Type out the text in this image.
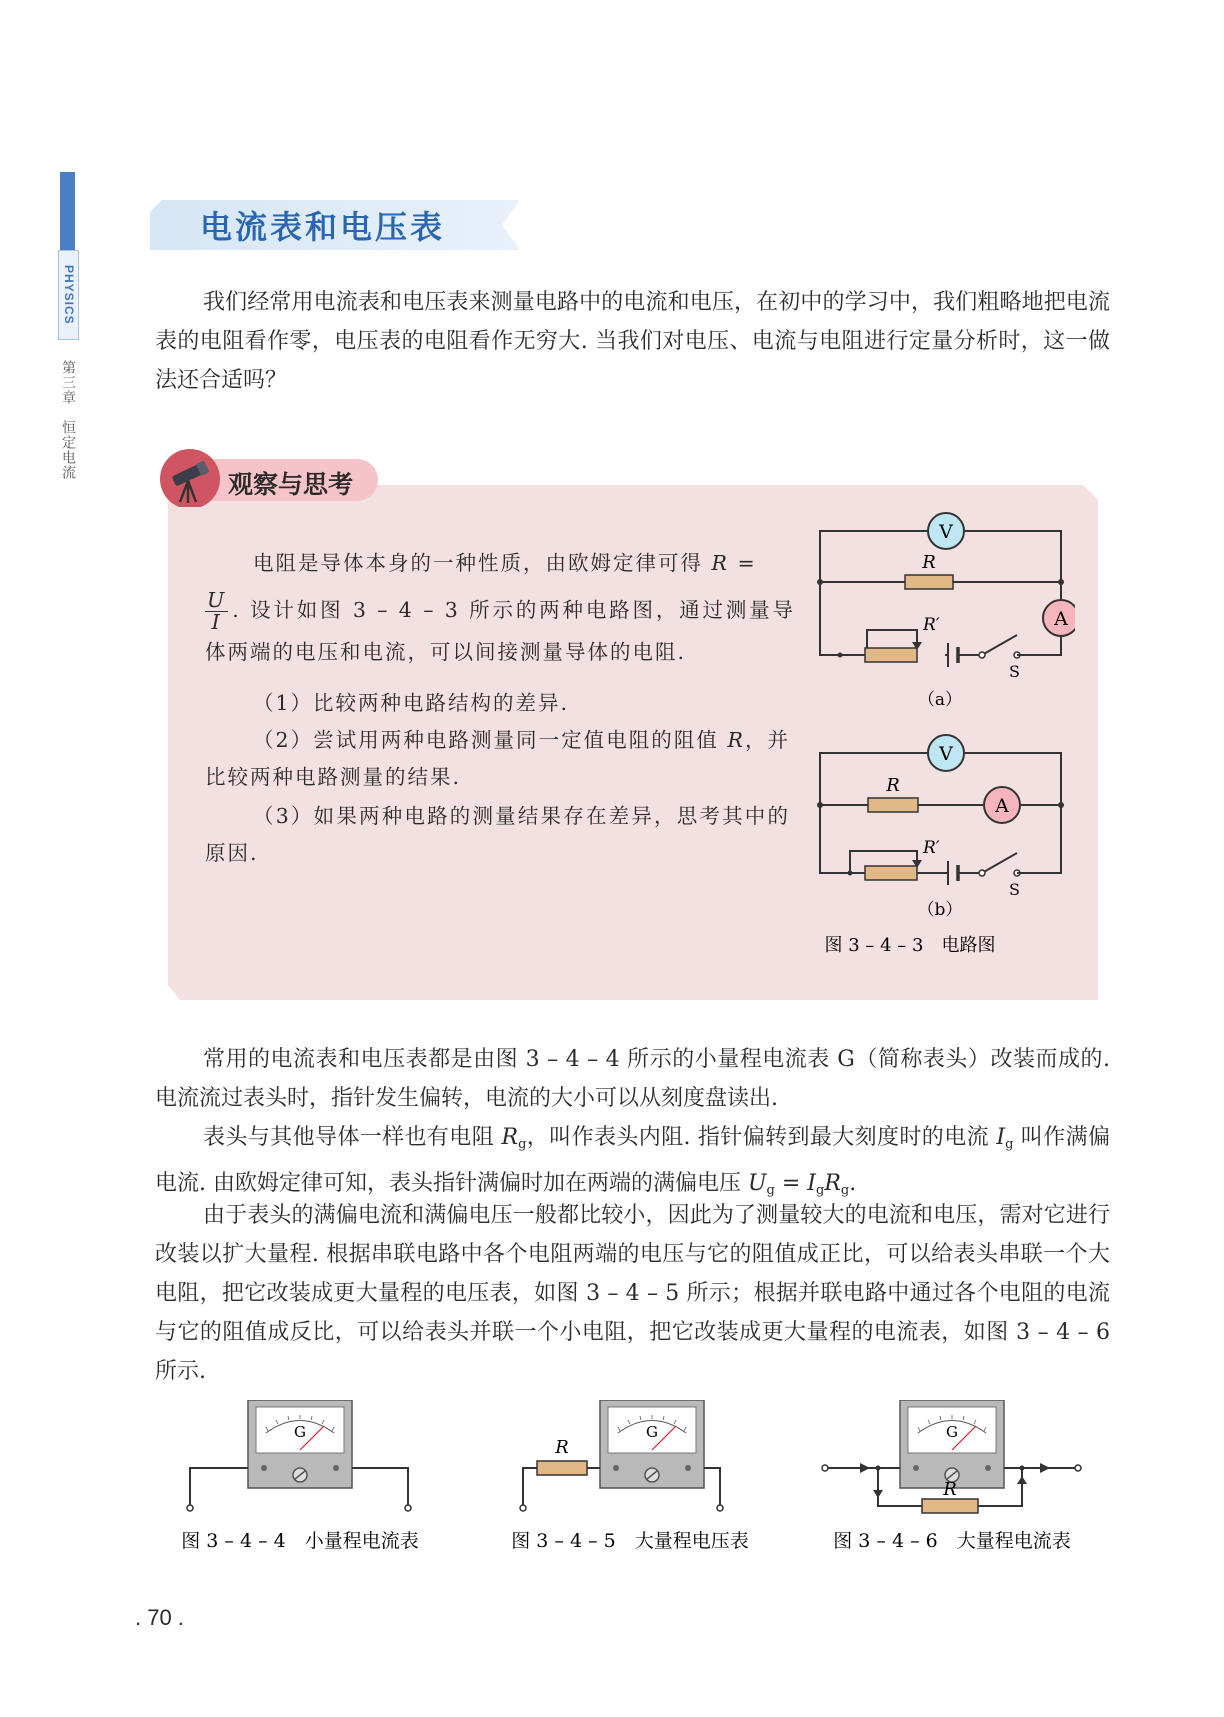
PHYSICS
第三章　恒定电流
电流表和电压表

我们经常用电流表和电压表来测量电路中的电流和电压，在初中的学习中，我们粗略地把电流表的电阻看作零，电压表的电阻看作无穷大. 当我们对电压、电流与电阻进行定量分析时，这一做法还合适吗？

观察与思考

电阻是导体本身的一种性质，由欧姆定律可得 R =

$\frac{U}{I}$ . 设计如图 3 – 4 – 3 所示的两种电路图，通过测量导体两端的电压和电流，可以间接测量导体的电阻.

（1）比较两种电路结构的差异.

（2）尝试用两种电路测量同一定值电阻的阻值 R，并比较两种电路测量的结果.

（3）如果两种电路的测量结果存在差异，思考其中的原因.

V
R
A
R′
S
（a）
V
R
A
R′
S
（b）
图 3 – 4 – 3　电路图

常用的电流表和电压表都是由图 3 – 4 – 4 所示的小量程电流表 G（简称表头）改装而成的. 电流流过表头时，指针发生偏转，电流的大小可以从刻度盘读出.

表头与其他导体一样也有电阻 $R_g$，叫作表头内阻. 指针偏转到最大刻度时的电流 $I_g$ 叫作满偏电流. 由欧姆定律可知，表头指针满偏时加在两端的满偏电压 $U_g = I_gR_g$.

由于表头的满偏电流和满偏电压一般都比较小，因此为了测量较大的电流和电压，需对它进行改装以扩大量程. 根据串联电路中各个电阻两端的电压与它的阻值成正比，可以给表头串联一个大电阻，把它改装成更大量程的电压表，如图 3 – 4 – 5 所示；根据并联电路中通过各个电阻的电流与它的阻值成反比，可以给表头并联一个小电阻，把它改装成更大量程的电流表，如图 3 – 4 – 6 所示.

G
图 3 – 4 – 4　小量程电流表
G
R
图 3 – 4 – 5　大量程电压表
G
R
图 3 – 4 – 6　大量程电流表
. 70 .
